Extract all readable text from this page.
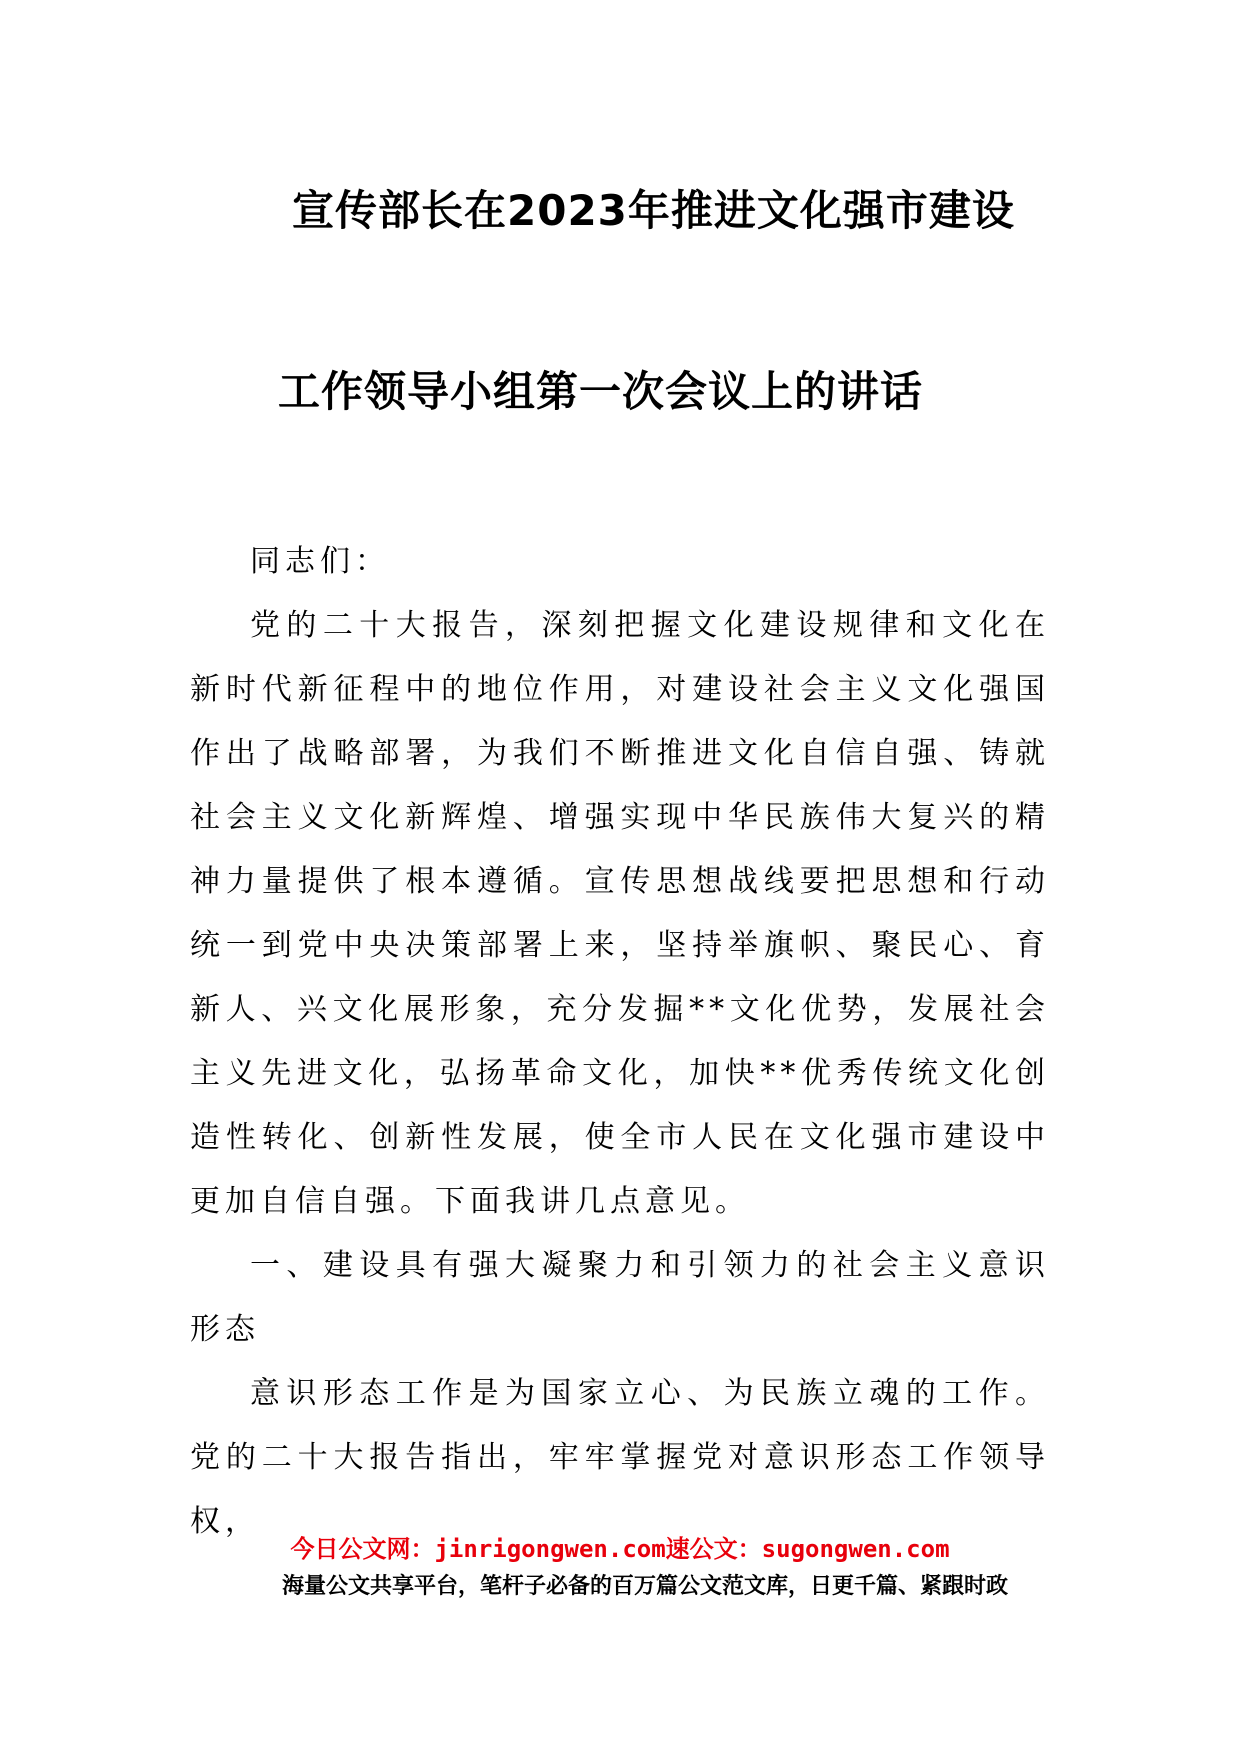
宣传部长在2023年推进文化强市建设
工作领导小组第一次会议上的讲话

同志们：

党的二十大报告，深刻把握文化建设规律和文化在新时代新征程中的地位作用，对建设社会主义文化强国作出了战略部署，为我们不断推进文化自信自强、铸就社会主义文化新辉煌、增强实现中华民族伟大复兴的精神力量提供了根本遵循。宣传思想战线要把思想和行动统一到党中央决策部署上来，坚持举旗帜、聚民心、育新人、兴文化展形象，充分发掘**文化优势，发展社会主义先进文化，弘扬革命文化，加快**优秀传统文化创造性转化、创新性发展，使全市人民在文化强市建设中更加自信自强。下面我讲几点意见。

一、建设具有强大凝聚力和引领力的社会主义意识形态

意识形态工作是为国家立心、为民族立魂的工作。党的二十大报告指出，牢牢掌握党对意识形态工作领导权，

今日公文网：jinrigongwen.com速公文：sugongwen.com
海量公文共享平台，笔杆子必备的百万篇公文范文库，日更千篇、紧跟时政
